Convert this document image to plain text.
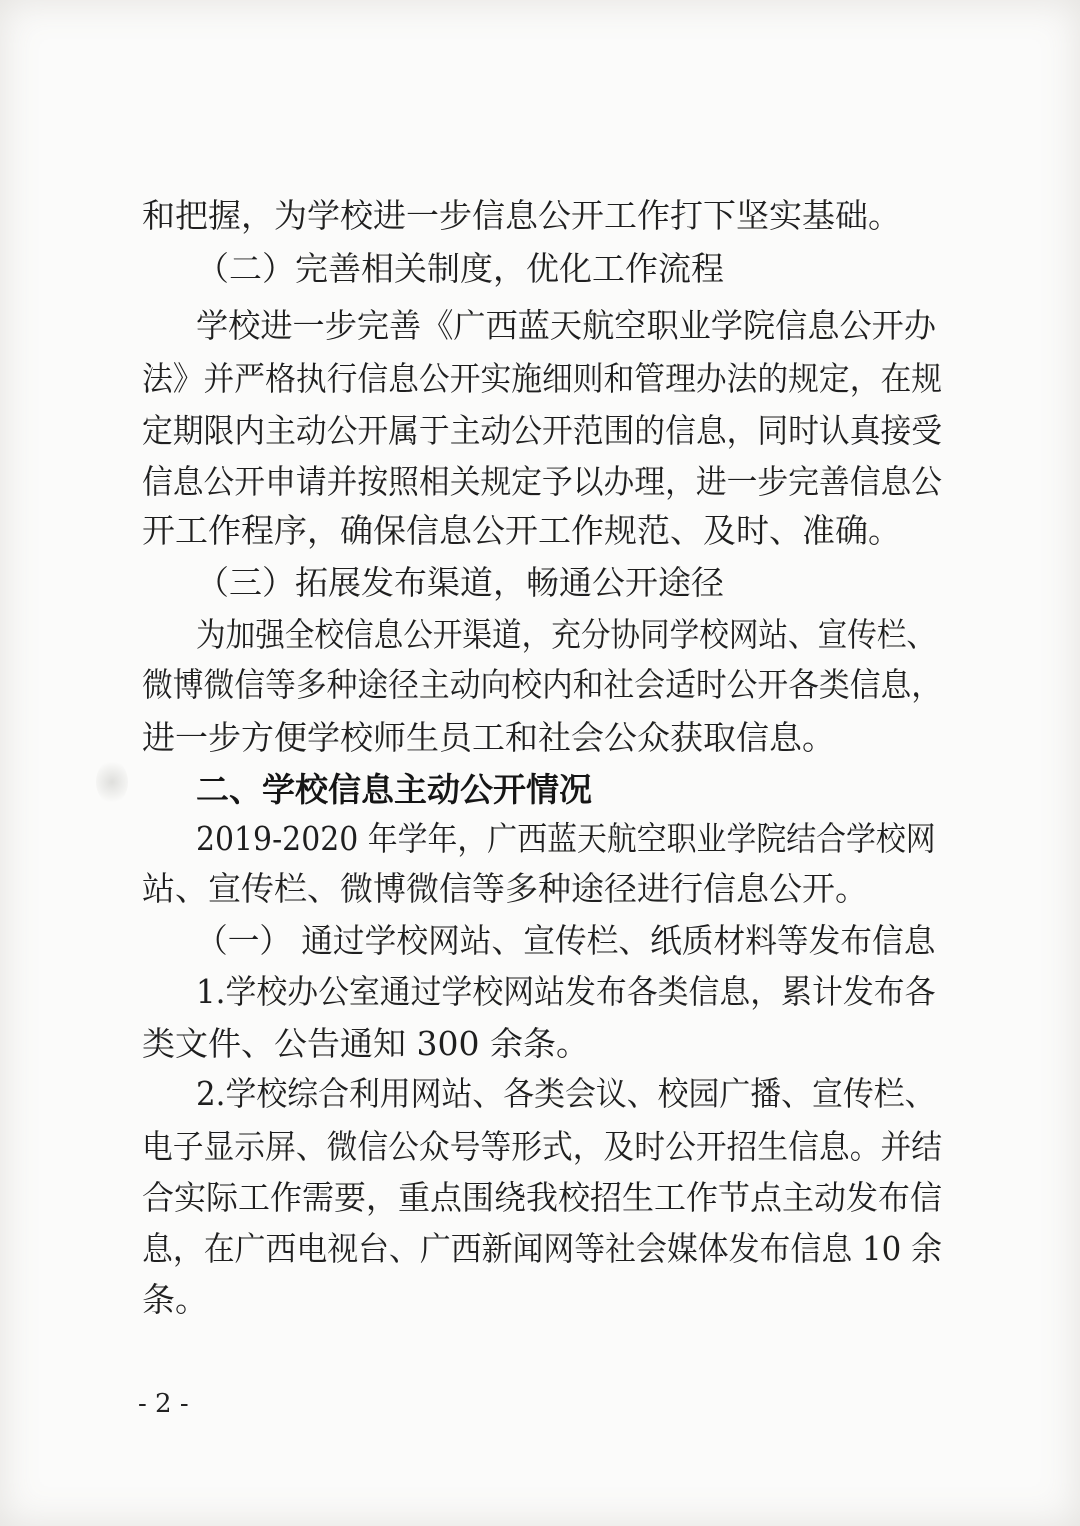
和把握，为学校进一步信息公开工作打下坚实基础。

（二）完善相关制度，优化工作流程

学校进一步完善《广西蓝天航空职业学院信息公开办

法》并严格执行信息公开实施细则和管理办法的规定，在规

定期限内主动公开属于主动公开范围的信息，同时认真接受

信息公开申请并按照相关规定予以办理，进一步完善信息公

开工作程序，确保信息公开工作规范、及时、准确。

（三）拓展发布渠道，畅通公开途径

为加强全校信息公开渠道，充分协同学校网站、宣传栏、

微博微信等多种途径主动向校内和社会适时公开各类信息，

进一步方便学校师生员工和社会公众获取信息。

二、学校信息主动公开情况

2019-2020 年学年，广西蓝天航空职业学院结合学校网

站、宣传栏、微博微信等多种途径进行信息公开。

（一） 通过学校网站、宣传栏、纸质材料等发布信息

1.学校办公室通过学校网站发布各类信息，累计发布各

类文件、公告通知 300 余条。

2.学校综合利用网站、各类会议、校园广播、宣传栏、

电子显示屏、微信公众号等形式，及时公开招生信息。并结

合实际工作需要，重点围绕我校招生工作节点主动发布信

息，在广西电视台、广西新闻网等社会媒体发布信息 10 余

条。

- 2 -
